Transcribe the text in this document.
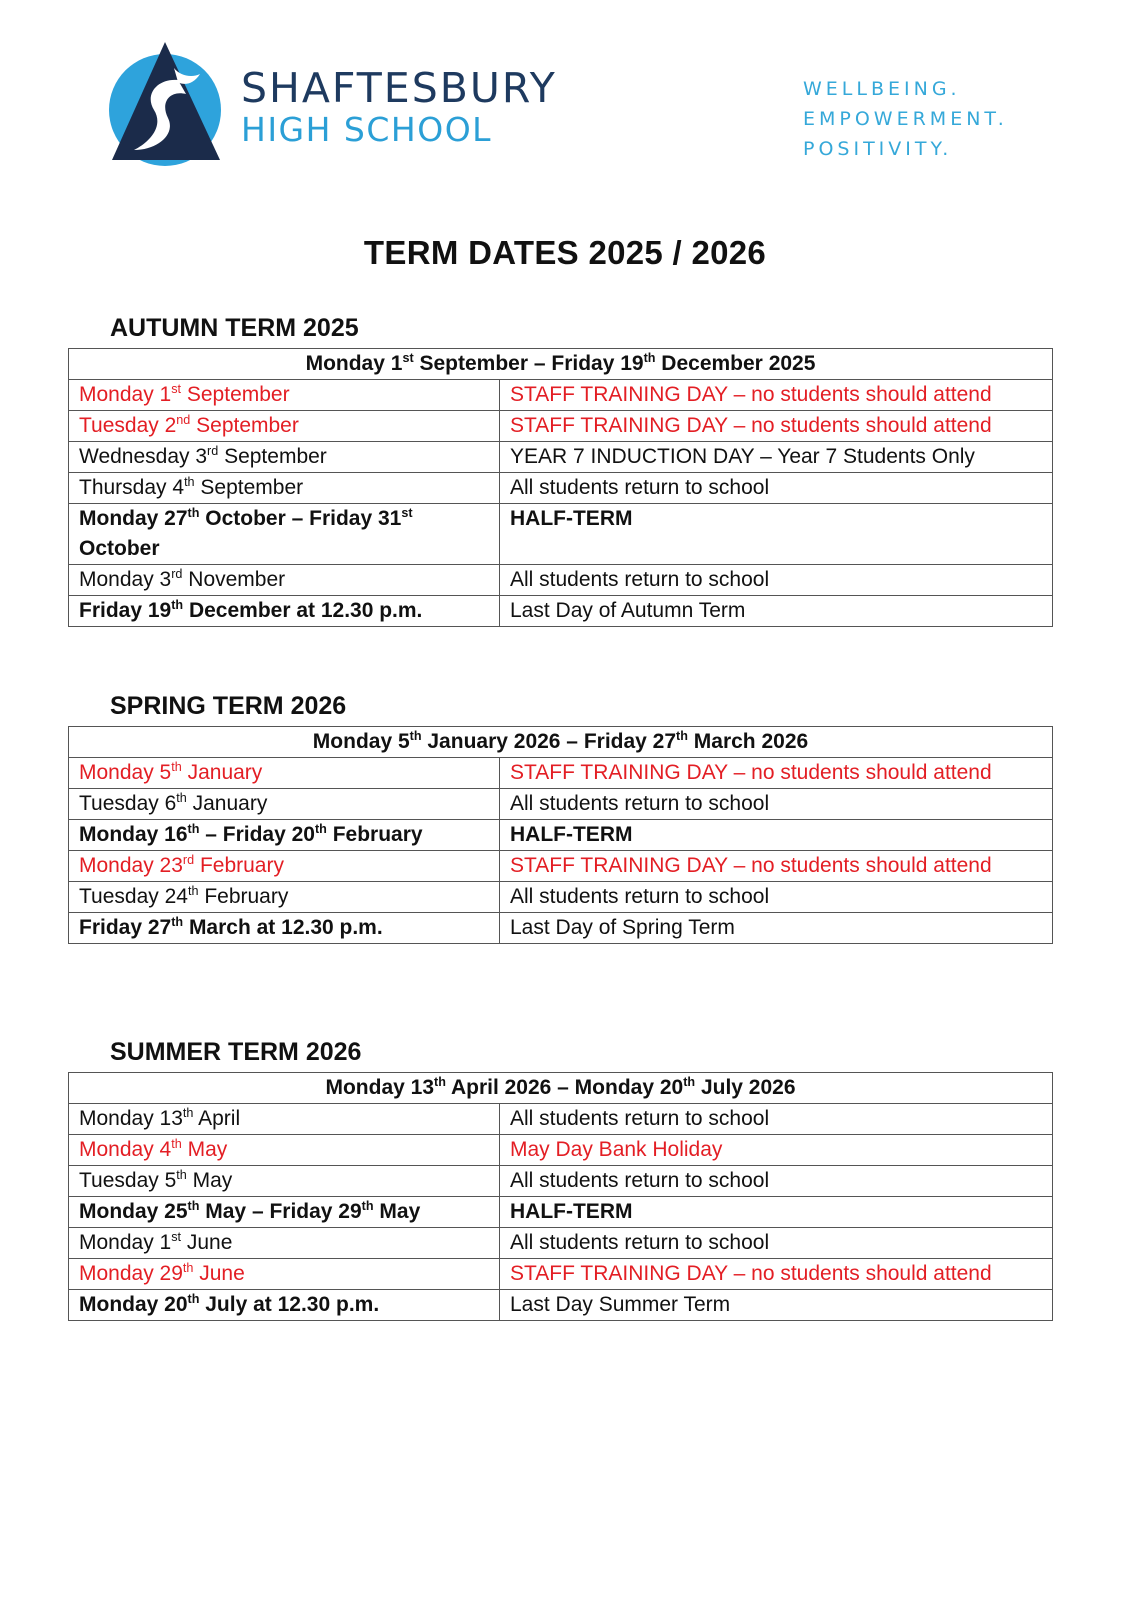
SHAFTESBURY
HIGH SCHOOL
WELLBEING.
EMPOWERMENT.
POSITIVITY.
TERM DATES 2025 / 2026
AUTUMN TERM 2025
Monday 1st September – Friday 19th December 2025	
Monday 1st September	STAFF TRAINING DAY – no students should attend
Tuesday 2nd September	STAFF TRAINING DAY – no students should attend
Wednesday 3rd September	YEAR 7 INDUCTION DAY – Year 7 Students Only
Thursday 4th September	All students return to school
Monday 27th October – Friday 31st October	HALF-TERM
Monday 3rd November	All students return to school
Friday 19th December at 12.30 p.m.	Last Day of Autumn Term
SPRING TERM 2026
Monday 5th January 2026 – Friday 27th March 2026	
Monday 5th January	STAFF TRAINING DAY – no students should attend
Tuesday 6th January	All students return to school
Monday 16th – Friday 20th February	HALF-TERM
Monday 23rd February	STAFF TRAINING DAY – no students should attend
Tuesday 24th February	All students return to school
Friday 27th March at 12.30 p.m.	Last Day of Spring Term
SUMMER TERM 2026
Monday 13th April 2026 – Monday 20th July 2026	
Monday 13th April	All students return to school
Monday 4th May	May Day Bank Holiday
Tuesday 5th May	All students return to school
Monday 25th May – Friday 29th May	HALF-TERM
Monday 1st June	All students return to school
Monday 29th June	STAFF TRAINING DAY – no students should attend
Monday 20th July at 12.30 p.m.	Last Day Summer Term
